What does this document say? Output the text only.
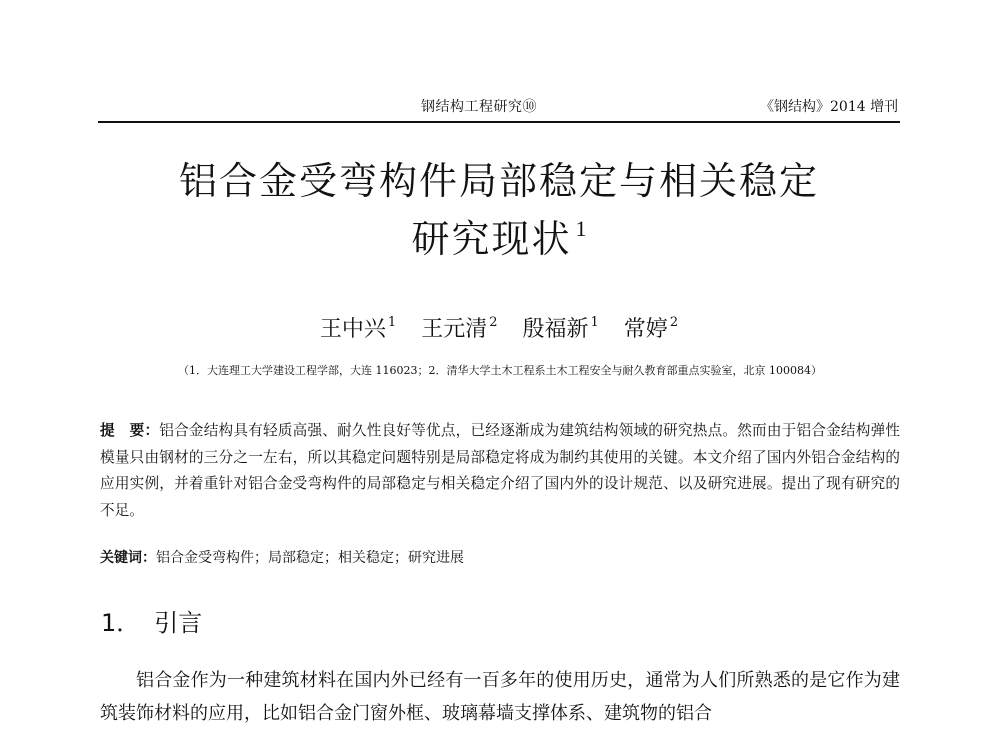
钢结构工程研究⑩	《钢结构》2014 增刊
铝合金受弯构件局部稳定与相关稳定
研究现状 $^1$
王中兴 $^1$ 王元清 $^2$ 殷福新 $^1$ 常婷 $^2$
（1．大连理工大学建设工程学部，大连 116023；2．清华大学土木工程系土木工程安全与耐久教育部重点实验室，北京 100084）
提　要：铝合金结构具有轻质高强、耐久性良好等优点，已经逐渐成为建筑结构领域的研究热点。然而由于铝合金结构弹性模量只由钢材的三分之一左右，所以其稳定问题特别是局部稳定将成为制约其使用的关键。本文介绍了国内外铝合金结构的应用实例，并着重针对铝合金受弯构件的局部稳定与相关稳定介绍了国内外的设计规范、以及研究进展。提出了现有研究的不足。
关键词：铝合金受弯构件；局部稳定；相关稳定；研究进展
1． 引言
铝合金作为一种建筑材料在国内外已经有一百多年的使用历史，通常为人们所熟悉的是它作为建筑装饰材料的应用，比如铝合金门窗外框、玻璃幕墙支撑体系、建筑物的铝合
